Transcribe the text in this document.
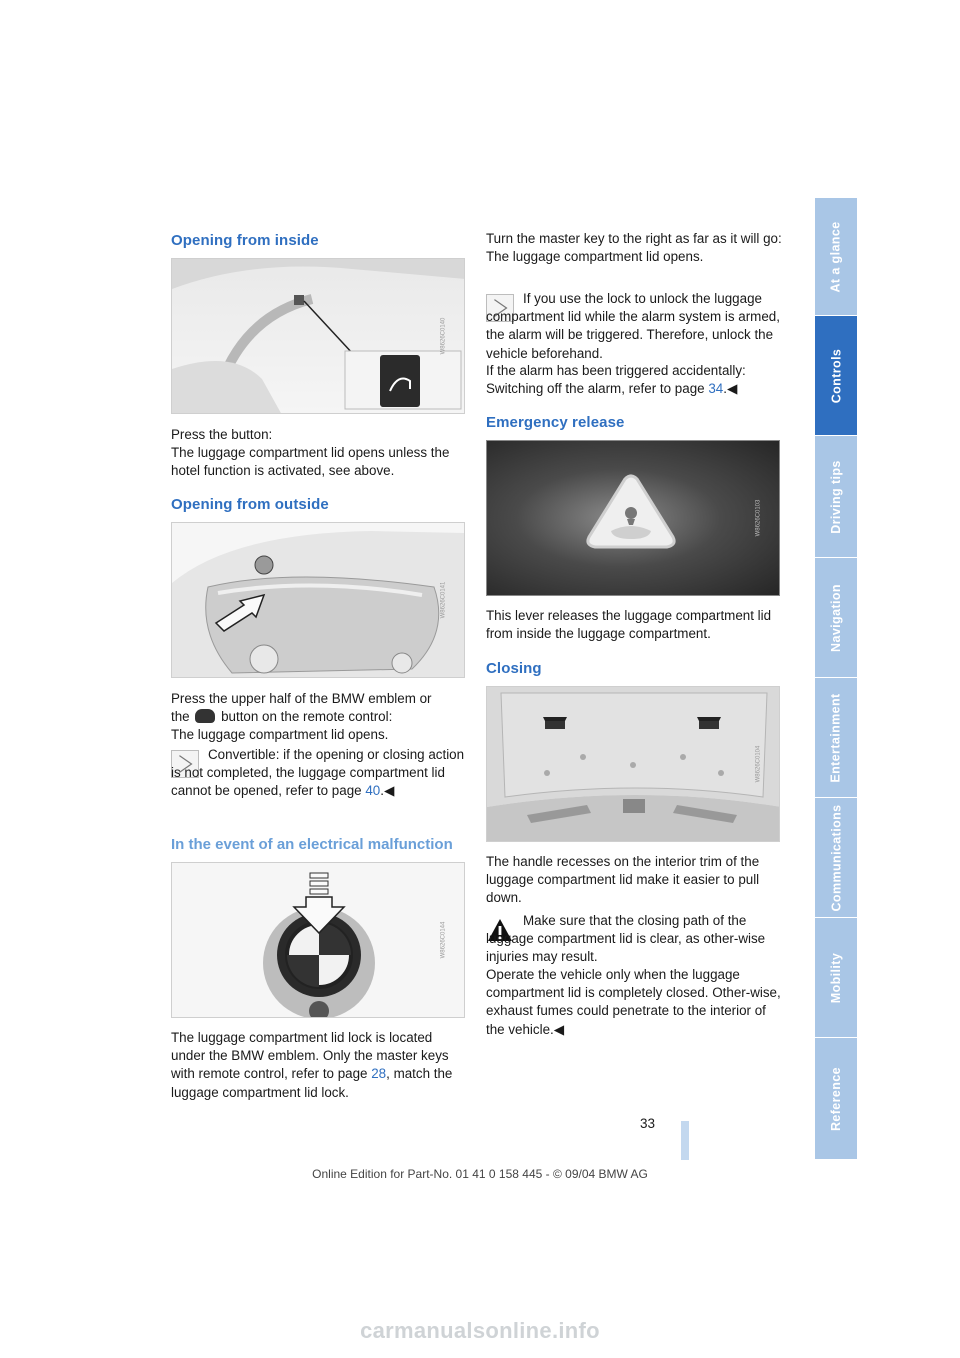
Opening from inside
W8626C0140

Press the button:

The luggage compartment lid opens unless the hotel function is activated, see above.

Opening from outside
W8626C0141

Press the upper half of the BMW emblem or

the button on the remote control:

The luggage compartment lid opens.

Convertible: if the opening or closing action is not completed, the luggage compartment lid cannot be opened, refer to page 40.◀
In the event of an electrical malfunction
W8626C0144
The luggage compartment lid lock is located under the BMW emblem. Only the master keys with remote control, refer to page 28, match the luggage compartment lid lock.

Turn the master key to the right as far as it will go:

The luggage compartment lid opens.

If you use the lock to unlock the luggage compartment lid while the alarm system is armed, the alarm will be triggered. Therefore, unlock the vehicle beforehand.

If the alarm has been triggered accidentally: Switching off the alarm, refer to page 34.◀
Emergency release
W8626C0103
This lever releases the luggage compartment lid from inside the luggage compartment.
Closing
W8626C0104
The handle recesses on the interior trim of the luggage compartment lid make it easier to pull down.

Make sure that the closing path of the luggage compartment lid is clear, as other-wise injuries may result.

Operate the vehicle only when the luggage compartment lid is completely closed. Other-wise, exhaust fumes could penetrate to the interior of the vehicle.◀
At a glance
Controls
Driving tips
Navigation
Entertainment
Communications
Mobility
Reference
33
Online Edition for Part-No. 01 41 0 158 445 - © 09/04 BMW AG
carmanualsonline.info
